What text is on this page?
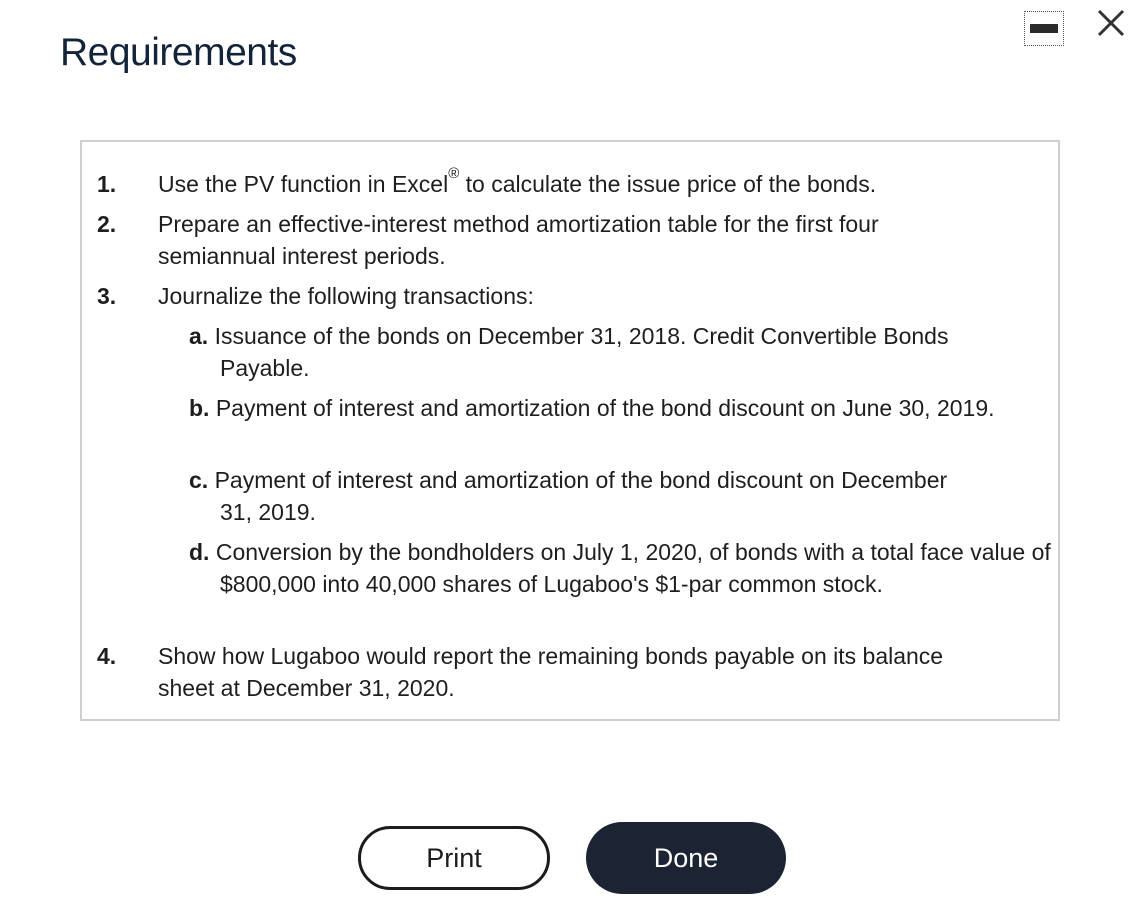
Requirements
1. Use the PV function in Excel® to calculate the issue price of the bonds.
2. Prepare an effective-interest method amortization table for the first four semiannual interest periods.
3. Journalize the following transactions:
a. Issuance of the bonds on December 31, 2018. Credit Convertible Bonds Payable.
b. Payment of interest and amortization of the bond discount on June 30, 2019.
c. Payment of interest and amortization of the bond discount on December 31, 2019.
d. Conversion by the bondholders on July 1, 2020, of bonds with a total face value of $800,000 into 40,000 shares of Lugaboo's $1-par common stock.
4. Show how Lugaboo would report the remaining bonds payable on its balance sheet at December 31, 2020.
Print	Done
